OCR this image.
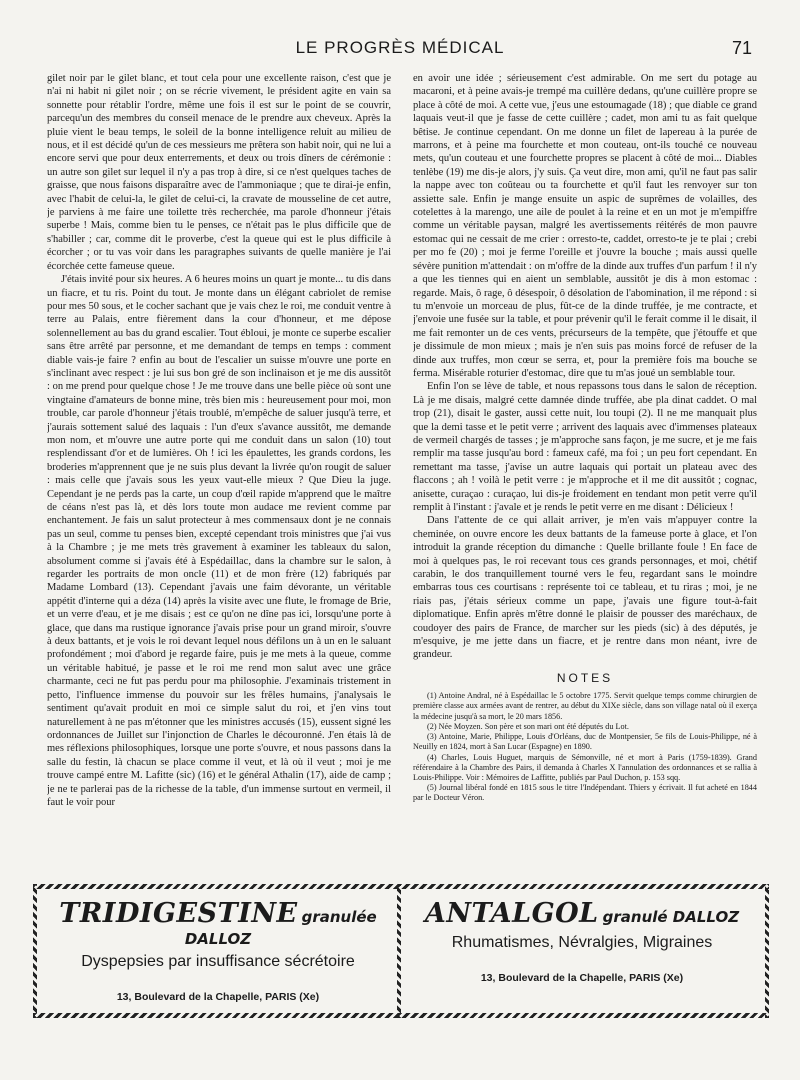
LE PROGRÈS MÉDICAL	71

gilet noir par le gilet blanc, et tout cela pour une excellente raison, c'est que je n'ai ni habit ni gilet noir ; on se récrie vivement, le président agite en vain sa sonnette pour rétablir l'ordre, même une fois il est sur le point de se couvrir, parcequ'un des membres du conseil menace de le prendre aux cheveux. Après la pluie vient le beau temps, le soleil de la bonne intelligence reluit au milieu de nous, et il est décidé qu'un de ces messieurs me prêtera son habit noir, qui ne lui a encore servi que pour deux enterrements, et deux ou trois dîners de cérémonie : un autre son gilet sur lequel il n'y a pas trop à dire, si ce n'est quelques taches de graisse, que nous faisons disparaître avec de l'ammoniaque ; que te dirai-je enfin, avec l'habit de celui-la, le gilet de celui-ci, la cravate de mousseline de cet autre, je parviens à me faire une toilette très recherchée, ma parole d'honneur j'étais superbe ! Mais, comme bien tu le penses, ce n'était pas le plus difficile que de s'habiller ; car, comme dit le proverbe, c'est la queue qui est le plus difficile à écorcher ; or tu vas voir dans les paragraphes suivants de quelle manière je l'ai écorchée cette fameuse queue.

J'étais invité pour six heures. A 6 heures moins un quart je monte... tu dis dans un fiacre, et tu ris. Point du tout. Je monte dans un élégant cabriolet de remise pour mes 50 sous, et le cocher sachant que je vais chez le roi, me conduit ventre à terre au Palais, entre fièrement dans la cour d'honneur, et me dépose solennellement au bas du grand escalier. Tout ébloui, je monte ce superbe escalier sans être arrêté par personne, et me demandant de temps en temps : comment diable vais-je faire ? enfin au bout de l'escalier un suisse m'ouvre une porte en s'inclinant avec respect : je lui sus bon gré de son inclinaison et je me dis aussitôt : on me prend pour quelque chose ! Je me trouve dans une belle pièce où sont une vingtaine d'amateurs de bonne mine, très bien mis : heureusement pour moi, mon trouble, car parole d'honneur j'étais troublé, m'empêche de saluer jusqu'à terre, et j'aurais sottement salué des laquais : l'un d'eux s'avance aussitôt, me demande mon nom, et m'ouvre une autre porte qui me conduit dans un salon (10) tout resplendissant d'or et de lumières. Oh ! ici les épaulettes, les grands cordons, les broderies m'apprennent que je ne suis plus devant la livrée qu'on rougit de saluer : mais celle que j'avais sous les yeux vaut-elle mieux ? Que Dieu la juge. Cependant je ne perds pas la carte, un coup d'œil rapide m'apprend que le maître de céans n'est pas là, et dès lors toute mon audace me revient comme par enchantement. Je fais un salut protecteur à mes commensaux dont je ne connais pas un seul, comme tu penses bien, excepté cependant trois ministres que j'ai vus à la Chambre ; je me mets très gravement à examiner les tableaux du salon, absolument comme si j'avais été à Espédaillac, dans la chambre sur le salon, à regarder les portraits de mon oncle (11) et de mon frère (12) fabriqués par Madame Lombard (13). Cependant j'avais une faim dévorante, un véritable appétit d'interne qui a déza (14) après la visite avec une flute, le fromage de Brie, et un verre d'eau, et je me disais ; est ce qu'on ne dîne pas ici, lorsqu'une porte à glace, que dans ma rustique ignorance j'avais prise pour un grand miroir, s'ouvre à deux battants, et je vois le roi devant lequel nous défilons un à un en le saluant profondément ; moi d'abord je regarde faire, puis je me mets à la queue, comme un véritable habitué, je passe et le roi me rend mon salut avec une grâce charmante, ceci ne fut pas perdu pour ma philosophie. J'examinais tristement in petto, l'influence immense du pouvoir sur les frêles humains, j'analysais le sentiment qu'avait produit en moi ce simple salut du roi, et j'en vins tout naturellement à ne pas m'étonner que les ministres accusés (15), eussent signé les ordonnances de Juillet sur l'injonction de Charles le découronné. J'en étais là de mes réflexions philosophiques, lorsque une porte s'ouvre, et nous passons dans la salle du festin, là chacun se place comme il veut, et là où il veut ; moi je me trouve campé entre M. Lafitte (sic) (16) et le général Athalin (17), aide de camp ; je ne te parlerai pas de la richesse de la table, d'un immense surtout en vermeil, il faut le voir pour

en avoir une idée ; sérieusement c'est admirable. On me sert du potage au macaroni, et à peine avais-je trempé ma cuillère dedans, qu'une cuillère propre se place à côté de moi. A cette vue, j'eus une estoumagade (18) ; que diable ce grand laquais veut-il que je fasse de cette cuillère ; cadet, mon ami tu as fait quelque bêtise. Je continue cependant. On me donne un filet de lapereau à la purée de marrons, et à peine ma fourchette et mon couteau, ont-ils touché ce nouveau mets, qu'un couteau et une fourchette propres se placent à côté de moi... Diables tenlèbe (19) me dis-je alors, j'y suis. Ça veut dire, mon ami, qu'il ne faut pas salir la nappe avec ton coûteau ou ta fourchette et qu'il faut les renvoyer sur ton assiette sale. Enfin je mange ensuite un aspic de suprêmes de volailles, des cotelettes à la marengo, une aile de poulet à la reine et en un mot je m'empiffre comme un véritable paysan, malgré les avertissements réitérés de mon pauvre estomac qui ne cessait de me crier : orresto-te, caddet, orresto-te je te plai ; crebi per mo fe (20) ; moi je ferme l'oreille et j'ouvre la bouche ; mais aussi quelle sévère punition m'attendait : on m'offre de la dinde aux truffes d'un parfum ! il n'y a que les tiennes qui en aient un semblable, aussitôt je dis à mon estomac : regarde. Mais, ô rage, ô désespoir, ô désolation de l'abomination, il me répond : si tu m'envoie un morceau de plus, fût-ce de la dinde truffée, je me contracte, et j'envoie une fusée sur la table, et pour prévenir qu'il le ferait comme il le disait, il me fait remonter un de ces vents, précurseurs de la tempête, que j'étouffe et que je dissimule de mon mieux ; mais je n'en suis pas moins forcé de refuser de la dinde aux truffes, mon cœur se serra, et, pour la première fois ma bouche se ferma. Misérable roturier d'estomac, dire que tu m'as joué un semblable tour.

Enfin l'on se lève de table, et nous repassons tous dans le salon de réception. Là je me disais, malgré cette damnée dinde truffée, abe pla dinat caddet. O mal trop (21), disait le gaster, aussi cette nuit, lou toupi (2). Il ne me manquait plus que la demi tasse et le petit verre ; arrivent des laquais avec d'immenses plateaux de vermeil chargés de tasses ; je m'approche sans façon, je me sucre, et je me fais remplir ma tasse jusqu'au bord : fameux café, ma foi ; un peu fort cependant. En remettant ma tasse, j'avise un autre laquais qui portait un plateau avec des flaccons ; ah ! voilà le petit verre : je m'approche et il me dit aussitôt ; cognac, anisette, curaçao : curaçao, lui dis-je froidement en tendant mon petit verre qu'il remplit à l'instant : j'avale et je rends le petit verre en me disant : Délicieux !

Dans l'attente de ce qui allait arriver, je m'en vais m'appuyer contre la cheminée, on ouvre encore les deux battants de la fameuse porte à glace, et l'on introduit la grande réception du dimanche : Quelle brillante foule ! En face de moi à quelques pas, le roi recevant tous ces grands personnages, et moi, chétif carabin, le dos tranquillement tourné vers le feu, regardant sans le moindre embarras tous ces courtisans : représente toi ce tableau, et tu riras ; moi, je ne riais pas, j'étais sérieux comme un pape, j'avais une figure tout-à-fait diplomatique. Enfin après m'être donné le plaisir de pousser des maréchaux, de coudoyer des pairs de France, de marcher sur les pieds (sic) à des députés, je m'esquive, je me jette dans un fiacre, et je rentre dans mon néant, ivre de grandeur.

NOTES

(1) Antoine Andral, né à Espédaillac le 5 octobre 1775. Servit quelque temps comme chirurgien de première classe aux armées avant de rentrer, au début du XIXe siècle, dans son village natal où il exerça la médecine jusqu'à sa mort, le 20 mars 1856.

(2) Née Moyzen. Son père et son mari ont été députés du Lot.

(3) Antoine, Marie, Philippe, Louis d'Orléans, duc de Montpensier, 5e fils de Louis-Philippe, né à Neuilly en 1824, mort à San Lucar (Espagne) en 1890.

(4) Charles, Louis Huguet, marquis de Sémonville, né et mort à Paris (1759-1839). Grand référendaire à la Chambre des Pairs, il demanda à Charles X l'annulation des ordonnances et se rallia à Louis-Philippe. Voir : Mémoires de Laffitte, publiés par Paul Duchon, p. 153 sqq.

(5) Journal libéral fondé en 1815 sous le titre l'Indépendant. Thiers y écrivait. Il fut acheté en 1844 par le Docteur Véron.

TRIDIGESTINE granulée DALLOZ
Dyspepsies par insuffisance sécrétoire
13, Boulevard de la Chapelle, PARIS (Xe)
ANTALGOL granulé DALLOZ
Rhumatismes, Névralgies, Migraines
13, Boulevard de la Chapelle, PARIS (Xe)
